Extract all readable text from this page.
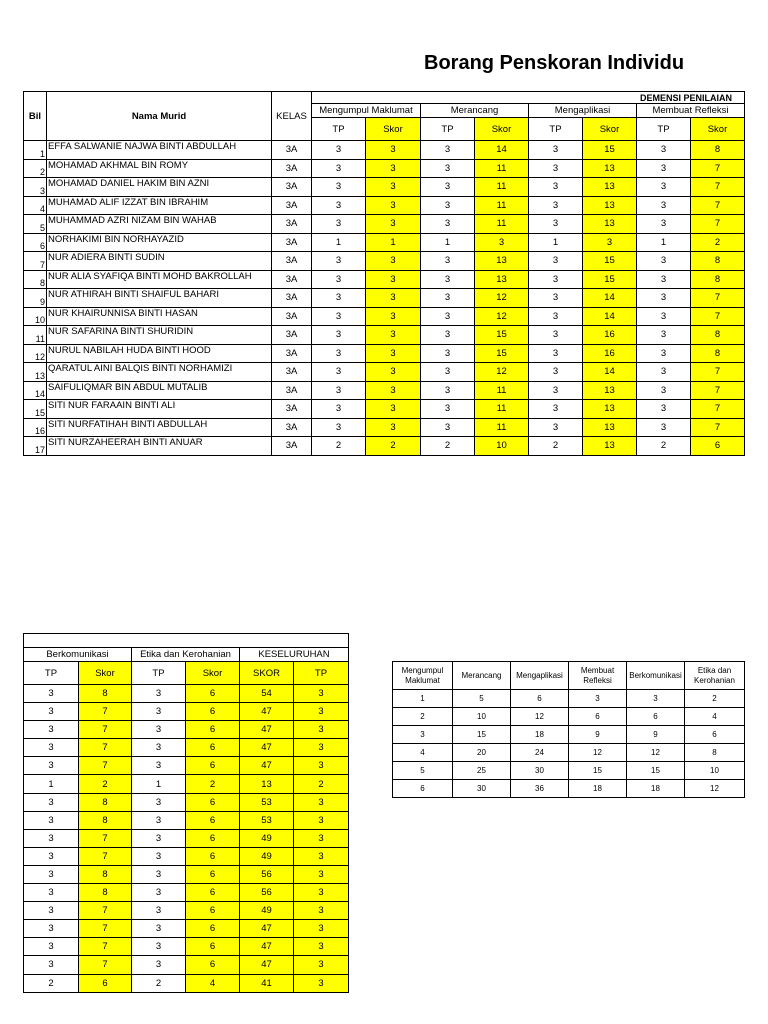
Borang Penskoran Individu
Bil	Nama Murid	KELAS	DEMENSI PENILAIAN							
			Mengumpul Maklumat		Merancang		Mengaplikasi		Membuat Refleksi	
			TP	Skor	TP	Skor	TP	Skor	TP	Skor
1	EFFA SALWANIE NAJWA BINTI ABDULLAH	3A	3	3	3	14	3	15	3	8
2	MOHAMAD AKHMAL BIN ROMY	3A	3	3	3	11	3	13	3	7
3	MOHAMAD DANIEL HAKIM BIN AZNI	3A	3	3	3	11	3	13	3	7
4	MUHAMAD ALIF IZZAT BIN IBRAHIM	3A	3	3	3	11	3	13	3	7
5	MUHAMMAD AZRI NIZAM BIN WAHAB	3A	3	3	3	11	3	13	3	7
6	NORHAKIMI BIN NORHAYAZID	3A	1	1	1	3	1	3	1	2
7	NUR ADIERA BINTI SUDIN	3A	3	3	3	13	3	15	3	8
8	NUR ALIA SYAFIQA BINTI MOHD BAKROLLAH	3A	3	3	3	13	3	15	3	8
9	NUR ATHIRAH BINTI SHAIFUL BAHARI	3A	3	3	3	12	3	14	3	7
10	NUR KHAIRUNNISA BINTI HASAN	3A	3	3	3	12	3	14	3	7
11	NUR SAFARINA BINTI SHURIDIN	3A	3	3	3	15	3	16	3	8
12	NURUL NABILAH HUDA BINTI HOOD	3A	3	3	3	15	3	16	3	8
13	QARATUL AINI BALQIS BINTI NORHAMIZI	3A	3	3	3	12	3	14	3	7
14	SAIFULIQMAR BIN ABDUL MUTALIB	3A	3	3	3	11	3	13	3	7
15	SITI NUR FARAAIN BINTI ALI	3A	3	3	3	11	3	13	3	7
16	SITI NURFATIHAH BINTI ABDULLAH	3A	3	3	3	11	3	13	3	7
17	SITI NURZAHEERAH BINTI ANUAR	3A	2	2	2	10	2	13	2	6

Berkomunikasi		Etika dan Kerohanian		KESELURUHAN	
TP	Skor	TP	Skor	SKOR	TP
3	8	3	6	54	3
3	7	3	6	47	3
3	7	3	6	47	3
3	7	3	6	47	3
3	7	3	6	47	3
1	2	1	2	13	2
3	8	3	6	53	3
3	8	3	6	53	3
3	7	3	6	49	3
3	7	3	6	49	3
3	8	3	6	56	3
3	8	3	6	56	3
3	7	3	6	49	3
3	7	3	6	47	3
3	7	3	6	47	3
3	7	3	6	47	3
2	6	2	4	41	3
Mengumpul Maklumat	Merancang	Mengaplikasi	Membuat Refleksi	Berkomunikasi	Etika dan Kerohanian
1	5	6	3	3	2
2	10	12	6	6	4
3	15	18	9	9	6
4	20	24	12	12	8
5	25	30	15	15	10
6	30	36	18	18	12
